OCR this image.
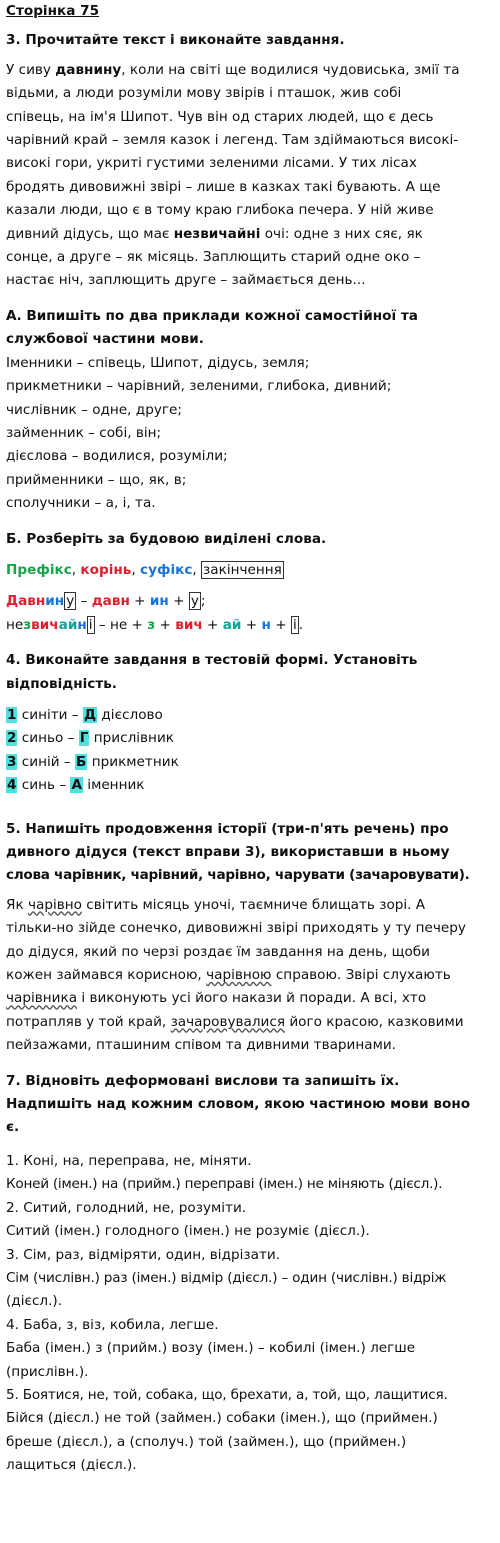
Сторінка 75
3. Прочитайте текст і виконайте завдання.
У сиву давнину, коли на світі ще водилися чудовиська, змії та
відьми, а люди розуміли мову звірів і пташок, жив собі
співець, на ім'я Шипот. Чув він од старих людей, що є десь
чарівний край – земля казок і легенд. Там здіймаються високі-
високі гори, укриті густими зеленими лісами. У тих лісах
бродять дивовижні звірі – лише в казках такі бувають. А ще
казали люди, що є в тому краю глибока печера. У ній живе
дивний дідусь, що має незвичайні очі: одне з них сяє, як
сонце, а друге – як місяць. Заплющить старий одне око –
настає ніч, заплющить друге – займається день...
А. Випишіть по два приклади кожної самостійної та
службової частини мови.
Іменники – співець, Шипот, дідусь, земля;
прикметники – чарівний, зеленими, глибока, дивний;
числівник – одне, друге;
займенник – собі, він;
дієслова – водилися, розуміли;
прийменники – що, як, в;
сполучники – а, і, та.
Б. Розберіть за будовою виділені слова.
Префікс, корінь, суфікс, закінчення
Давнин у – давн + ин + у ;
незвичайн і – не + з + вич + ай + н + і .
4. Виконайте завдання в тестовій формі. Установіть
відповідність.
1 синіти – Д дієслово
2 синьо – Г прислівник
3 синій – Б прикметник
4 синь – А іменник
5. Напишіть продовження історії (три-п'ять речень) про
дивного дідуся (текст вправи 3), використавши в ньому
слова чарівник, чарівний, чарівно, чарувати (зачаровувати).
Як чарівно світить місяць уночі, таємниче блищать зорі. А
тільки-но зійде сонечко, дивовижні звірі приходять у ту печеру
до дідуся, який по черзі роздає їм завдання на день, щоби
кожен займався корисною, чарівною справою. Звірі слухають
чарівника і виконують усі його накази й поради. А всі, хто
потрапляв у той край, зачаровувалися його красою, казковими
пейзажами, пташиним співом та дивними тваринами.
7. Відновіть деформовані вислови та запишіть їх.
Надпишіть над кожним словом, якою частиною мови воно
є.
1. Коні, на, переправа, не, міняти.
Коней (імен.) на (прийм.) переправі (імен.) не міняють (дієсл.).
2. Ситий, голодний, не, розуміти.
Ситий (імен.) голодного (імен.) не розуміє (дієсл.).
3. Сім, раз, відміряти, один, відрізати.
Сім (числівн.) раз (імен.) відмір (дієсл.) – один (числівн.) відріж
(дієсл.).
4. Баба, з, віз, кобила, легше.
Баба (імен.) з (прийм.) возу (імен.) – кобилі (імен.) легше
(прислівн.).
5. Боятися, не, той, собака, що, брехати, а, той, що, лащитися.
Бійся (дієсл.) не той (займен.) собаки (імен.), що (приймен.)
бреше (дієсл.), а (сполуч.) той (займен.), що (приймен.)
лащиться (дієсл.).
